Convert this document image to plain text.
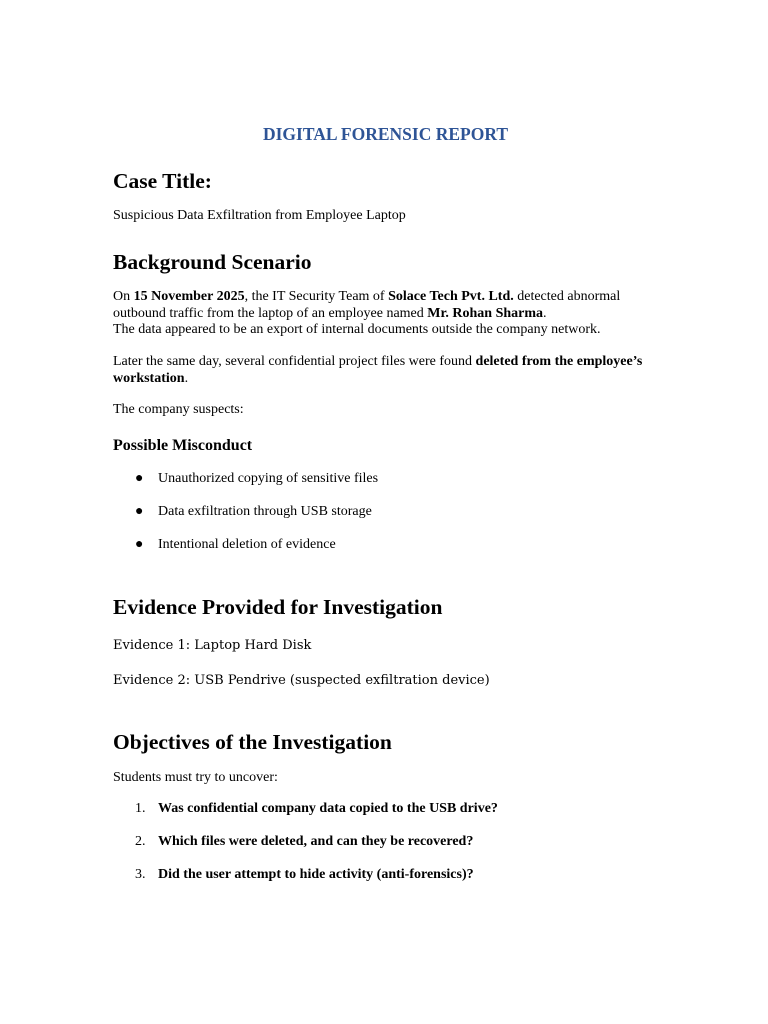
DIGITAL FORENSIC REPORT
Case Title:

Suspicious Data Exfiltration from Employee Laptop

Background Scenario

On 15 November 2025, the IT Security Team of Solace Tech Pvt. Ltd. detected abnormal outbound traffic from the laptop of an employee named Mr. Rohan Sharma.
The data appeared to be an export of internal documents outside the company network.

Later the same day, several confidential project files were found deleted from the employee’s workstation.

The company suspects:

Possible Misconduct
●	Unauthorized copying of sensitive files
●	Data exfiltration through USB storage
●	Intentional deletion of evidence
Evidence Provided for Investigation

Evidence 1: Laptop Hard Disk

Evidence 2: USB Pendrive (suspected exfiltration device)

Objectives of the Investigation

Students must try to uncover:

1. Was confidential company data copied to the USB drive?
2. Which files were deleted, and can they be recovered?
3. Did the user attempt to hide activity (anti-forensics)?
